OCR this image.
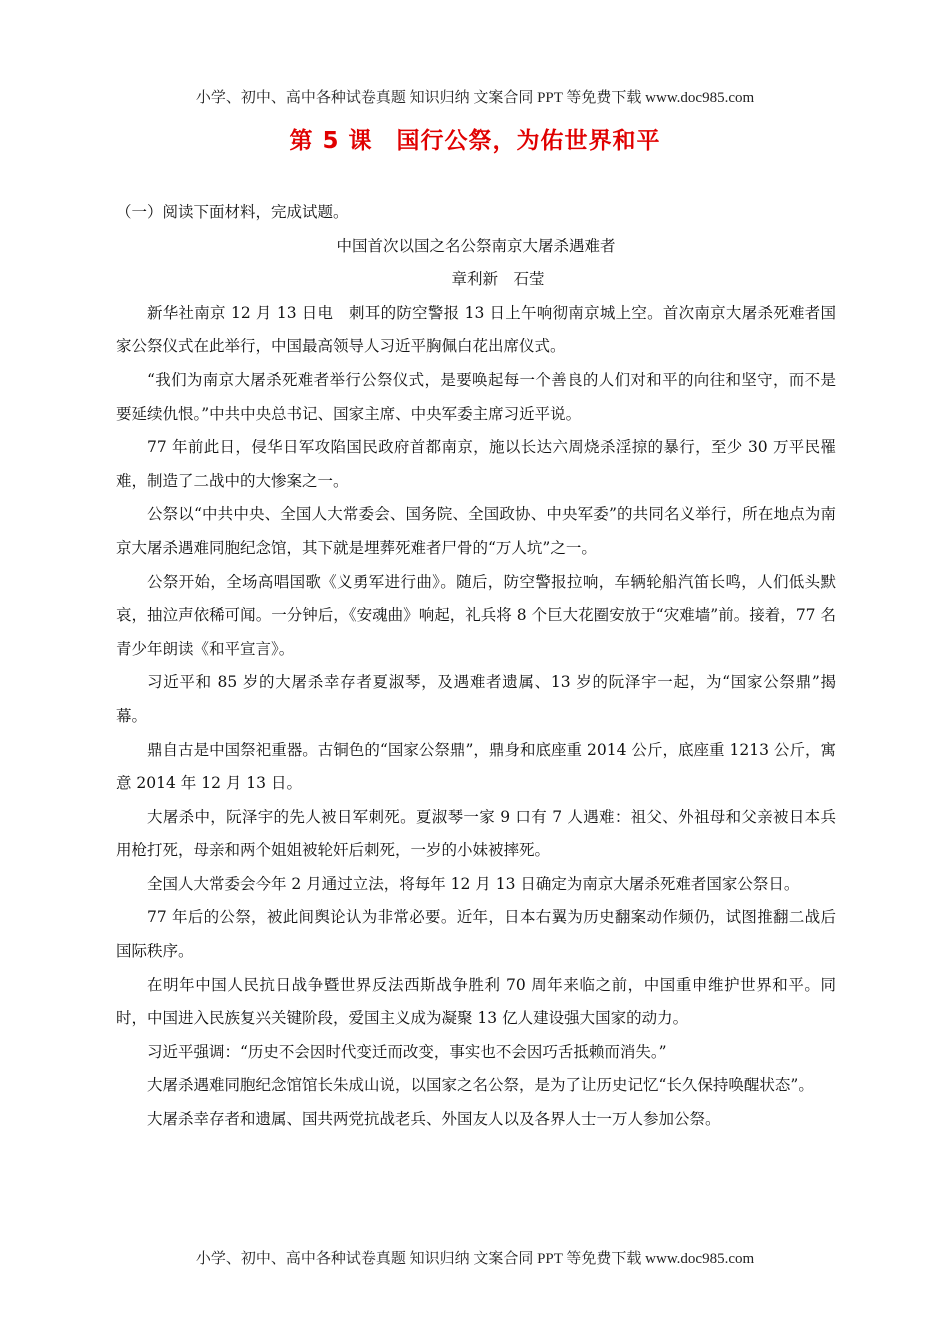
小学、初中、高中各种试卷真题 知识归纳 文案合同 PPT 等免费下载 www.doc985.com
第 5 课　国行公祭，为佑世界和平

（一）阅读下面材料，完成试题。

中国首次以国之名公祭南京大屠杀遇难者

章利新　石莹

新华社南京 12 月 13 日电　刺耳的防空警报 13 日上午响彻南京城上空。首次南京大屠杀死难者国家公祭仪式在此举行，中国最高领导人习近平胸佩白花出席仪式。

“我们为南京大屠杀死难者举行公祭仪式，是要唤起每一个善良的人们对和平的向往和坚守，而不是要延续仇恨。”中共中央总书记、国家主席、中央军委主席习近平说。

77 年前此日，侵华日军攻陷国民政府首都南京，施以长达六周烧杀淫掠的暴行，至少 30 万平民罹难，制造了二战中的大惨案之一。

公祭以“中共中央、全国人大常委会、国务院、全国政协、中央军委”的共同名义举行，所在地点为南京大屠杀遇难同胞纪念馆，其下就是埋葬死难者尸骨的“万人坑”之一。

公祭开始，全场高唱国歌《义勇军进行曲》。随后，防空警报拉响，车辆轮船汽笛长鸣，人们低头默哀，抽泣声依稀可闻。一分钟后，《安魂曲》响起，礼兵将 8 个巨大花圈安放于“灾难墙”前。接着，77 名青少年朗读《和平宣言》。

习近平和 85 岁的大屠杀幸存者夏淑琴，及遇难者遗属、13 岁的阮泽宇一起，为“国家公祭鼎”揭幕。

鼎自古是中国祭祀重器。古铜色的“国家公祭鼎”，鼎身和底座重 2014 公斤，底座重 1213 公斤，寓意 2014 年 12 月 13 日。

大屠杀中，阮泽宇的先人被日军刺死。夏淑琴一家 9 口有 7 人遇难：祖父、外祖母和父亲被日本兵用枪打死，母亲和两个姐姐被轮奸后刺死，一岁的小妹被摔死。

全国人大常委会今年 2 月通过立法，将每年 12 月 13 日确定为南京大屠杀死难者国家公祭日。

77 年后的公祭，被此间舆论认为非常必要。近年，日本右翼为历史翻案动作频仍，试图推翻二战后国际秩序。

在明年中国人民抗日战争暨世界反法西斯战争胜利 70 周年来临之前，中国重申维护世界和平。同时，中国进入民族复兴关键阶段，爱国主义成为凝聚 13 亿人建设强大国家的动力。

习近平强调：“历史不会因时代变迁而改变，事实也不会因巧舌抵赖而消失。”

大屠杀遇难同胞纪念馆馆长朱成山说，以国家之名公祭，是为了让历史记忆“长久保持唤醒状态”。

大屠杀幸存者和遗属、国共两党抗战老兵、外国友人以及各界人士一万人参加公祭。

小学、初中、高中各种试卷真题 知识归纳 文案合同 PPT 等免费下载 www.doc985.com
